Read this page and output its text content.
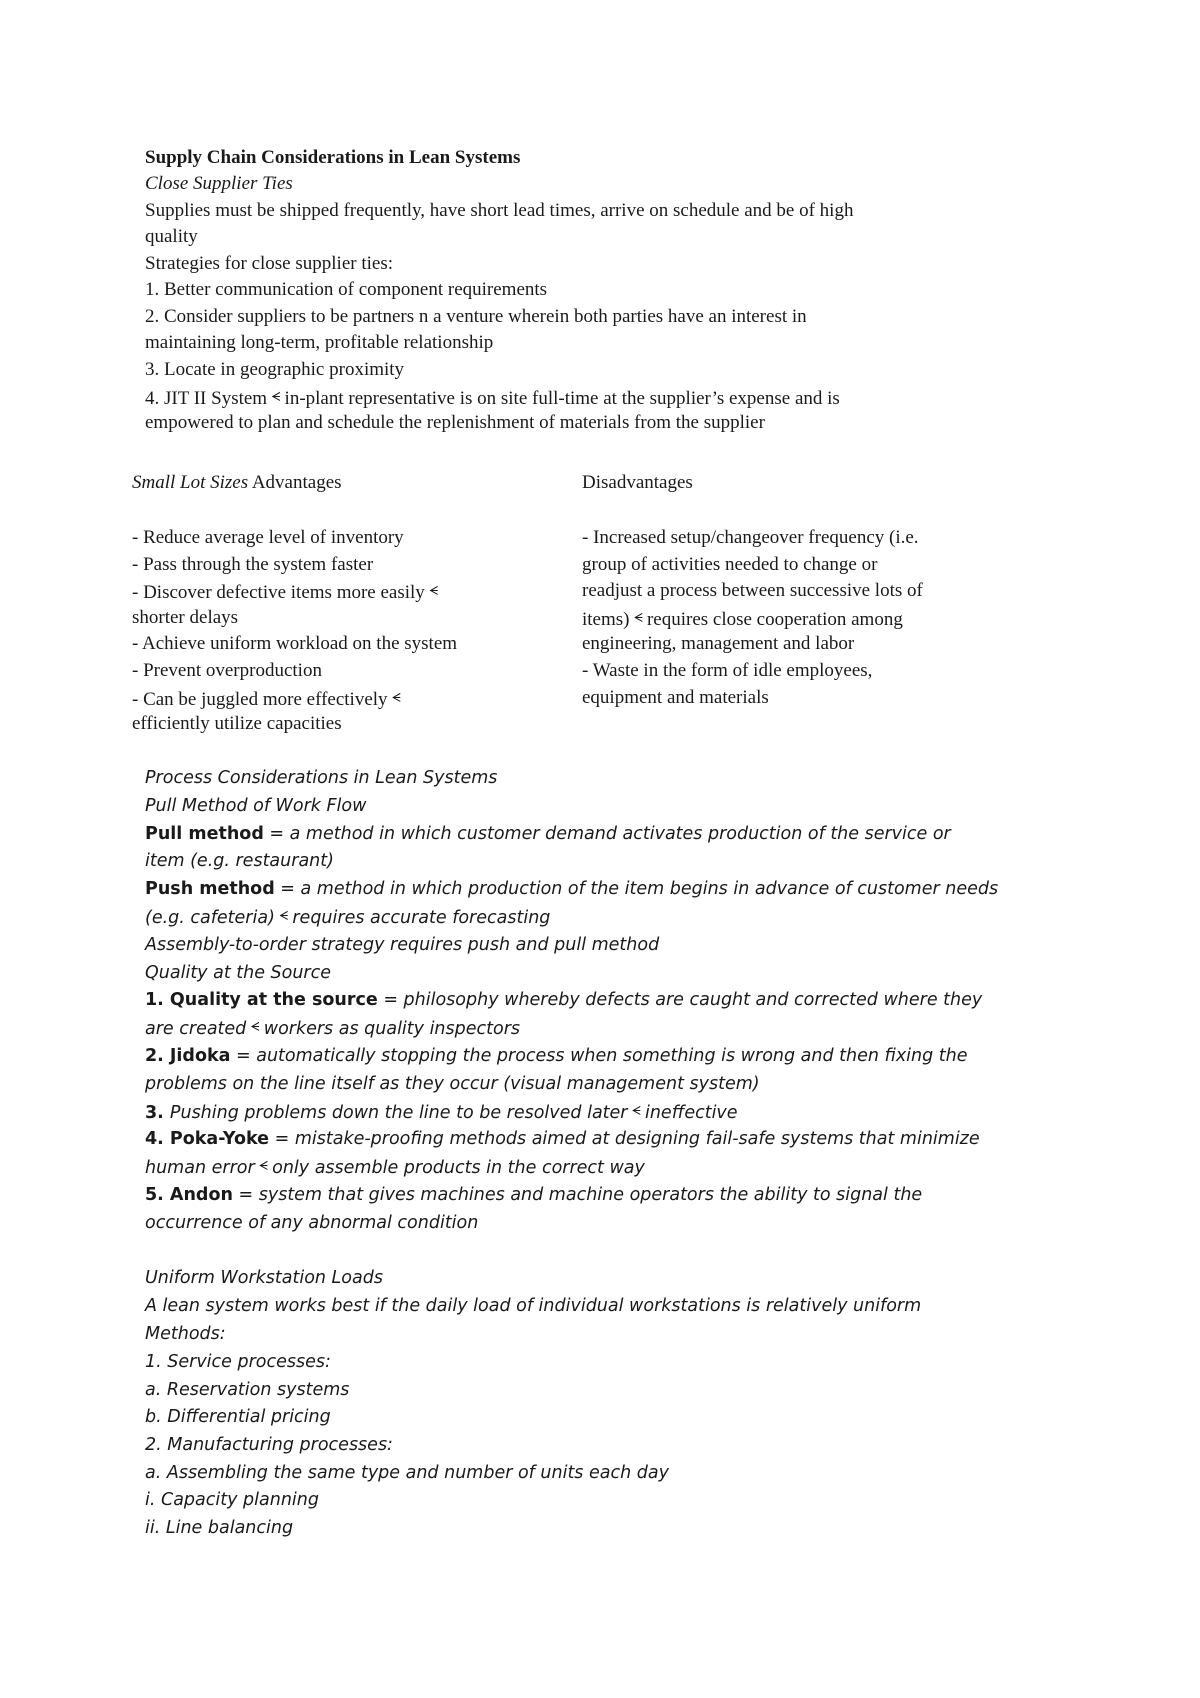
Supply Chain Considerations in Lean Systems
Close Supplier Ties
Supplies must be shipped frequently, have short lead times, arrive on schedule and be of high
quality
Strategies for close supplier ties:
1. Better communication of component requirements
2. Consider suppliers to be partners n a venture wherein both parties have an interest in
maintaining long-term, profitable relationship
3. Locate in geographic proximity
4. JIT II System ᗕ in-plant representative is on site full-time at the supplier’s expense and is
empowered to plan and schedule the replenishment of materials from the supplier
Small Lot Sizes Advantages	Disadvantages
- Reduce average level of inventory
- Pass through the system faster
- Discover defective items more easily ᗕ
shorter delays
- Achieve uniform workload on the system
- Prevent overproduction
- Can be juggled more effectively ᗕ
efficiently utilize capacities
- Increased setup/changeover frequency (i.e.
group of activities needed to change or
readjust a process between successive lots of
items) ᗕ requires close cooperation among
engineering, management and labor
- Waste in the form of idle employees,
equipment and materials
Process Considerations in Lean Systems
Pull Method of Work Flow
Pull method = a method in which customer demand activates production of the service or
item (e.g. restaurant)
Push method = a method in which production of the item begins in advance of customer needs
(e.g. cafeteria) ᗕ requires accurate forecasting
Assembly-to-order strategy requires push and pull method
Quality at the Source
1. Quality at the source = philosophy whereby defects are caught and corrected where they
are created ᗕ workers as quality inspectors
2. Jidoka = automatically stopping the process when something is wrong and then fixing the
problems on the line itself as they occur (visual management system)
3. Pushing problems down the line to be resolved later ᗕ ineffective
4. Poka-Yoke = mistake-proofing methods aimed at designing fail-safe systems that minimize
human error ᗕ only assemble products in the correct way
5. Andon = system that gives machines and machine operators the ability to signal the
occurrence of any abnormal condition
Uniform Workstation Loads
A lean system works best if the daily load of individual workstations is relatively uniform
Methods:
1. Service processes:
a. Reservation systems
b. Differential pricing
2. Manufacturing processes:
a. Assembling the same type and number of units each day
i. Capacity planning
ii. Line balancing
